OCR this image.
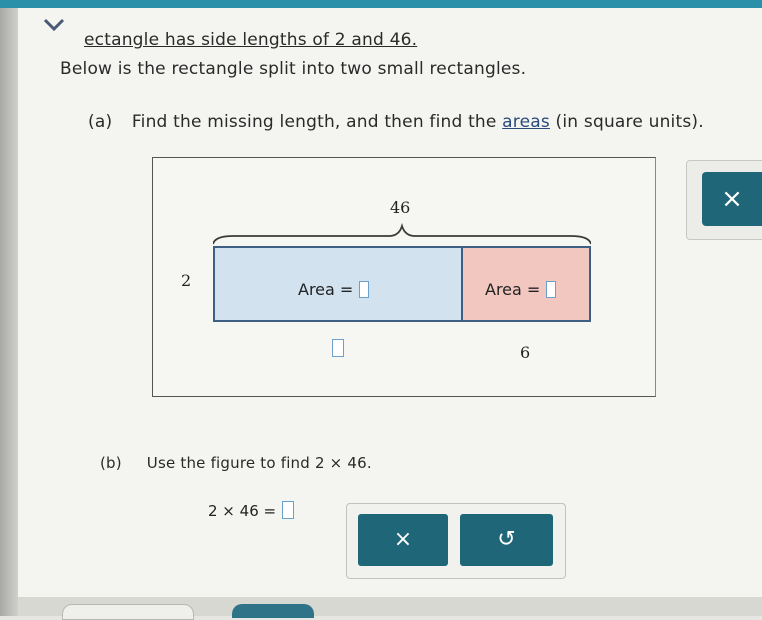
ectangle has side lengths of 2 and 46.
Below is the rectangle split into two small rectangles.
(a) Find the missing length, and then find the areas (in square units).
×
46
2	Area =	Area =
6
(b) Use the figure to find 2 × 46.
2 × 46 =
×	↺
